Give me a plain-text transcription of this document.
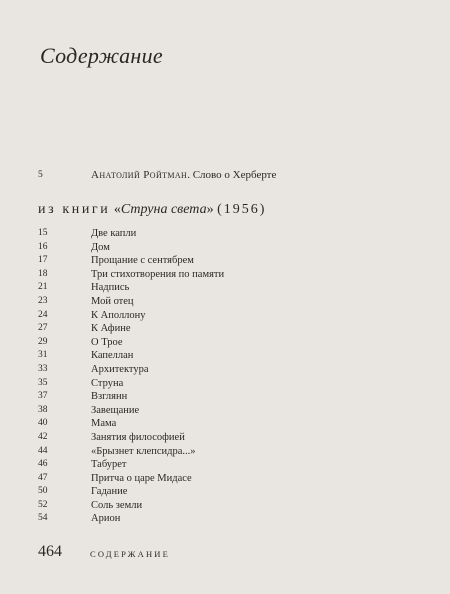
Содержание
5	Анатолий Ройтман. Слово о Херберте
из книги «Струна света» (1956)
15	Две капли
16	Дом
17	Прощание с сентябрем
18	Три стихотворения по памяти
21	Надпись
23	Мой отец
24	К Аполлону
27	К Афине
29	О Трое
31	Капеллан
33	Архитектура
35	Струна
37	Взглянн
38	Завещание
40	Мама
42	Занятия философией
44	«Брызнет клепсидра...»
46	Табурет
47	Притча о царе Мидасе
50	Гадание
52	Соль земли
54	Арион
464	СОДЕРЖАНИЕ
